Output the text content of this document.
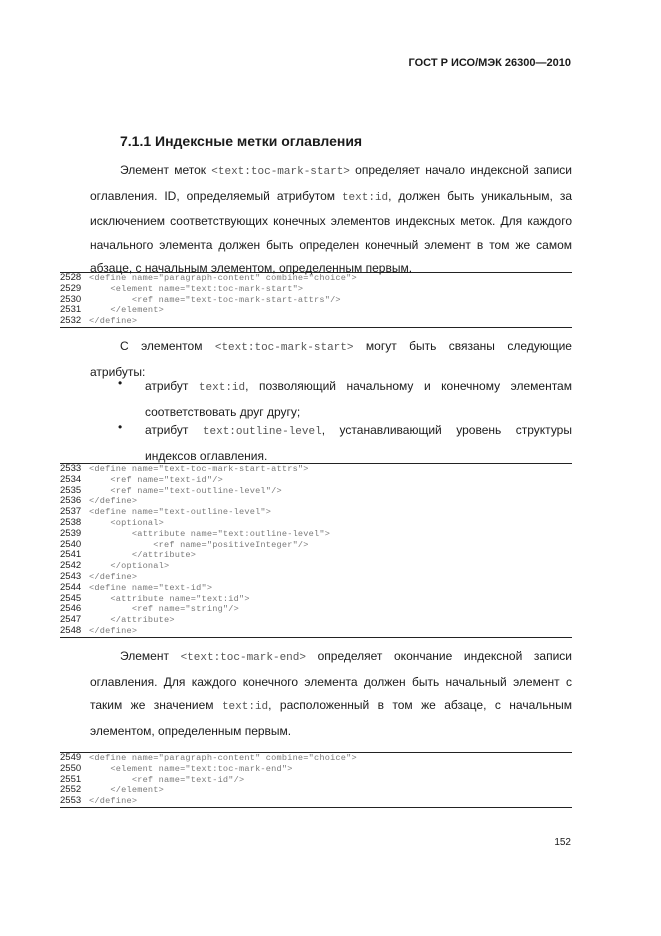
ГОСТ Р ИСО/МЭК 26300—2010
7.1.1 Индексные метки оглавления
Элемент меток <text:toc-mark-start> определяет начало индексной записи оглавления. ID, определяемый атрибутом text:id, должен быть уникальным, за исключением соответствующих конечных элементов индексных меток. Для каждого начального элемента должен быть определен конечный элемент в том же самом абзаце, с начальным элементом, определенным первым.
2528 <define name="paragraph-content" combine="choice">
2529 <element name="text:toc-mark-start">
2530 <ref name="text-toc-mark-start-attrs"/>
2531 </element>
2532 </define>
С элементом <text:toc-mark-start> могут быть связаны следующие атрибуты:
• атрибут text:id, позволяющий начальному и конечному элементам соответствовать друг другу;
• атрибут text:outline-level, устанавливающий уровень структуры индексов оглавления.
2533 <define name="text-toc-mark-start-attrs">
2534 <ref name="text-id"/>
2535 <ref name="text-outline-level"/>
2536 </define>
2537 <define name="text-outline-level">
2538 <optional>
2539 <attribute name="text:outline-level">
2540 <ref name="positiveInteger"/>
2541 </attribute>
2542 </optional>
2543 </define>
2544 <define name="text-id">
2545 <attribute name="text:id">
2546 <ref name="string"/>
2547 </attribute>
2548 </define>
Элемент <text:toc-mark-end> определяет окончание индексной записи оглавления. Для каждого конечного элемента должен быть начальный элемент с таким же значением text:id, расположенный в том же абзаце, с начальным элементом, определенным первым.
2549 <define name="paragraph-content" combine="choice">
2550 <element name="text:toc-mark-end">
2551 <ref name="text-id"/>
2552 </element>
2553 </define>
152
